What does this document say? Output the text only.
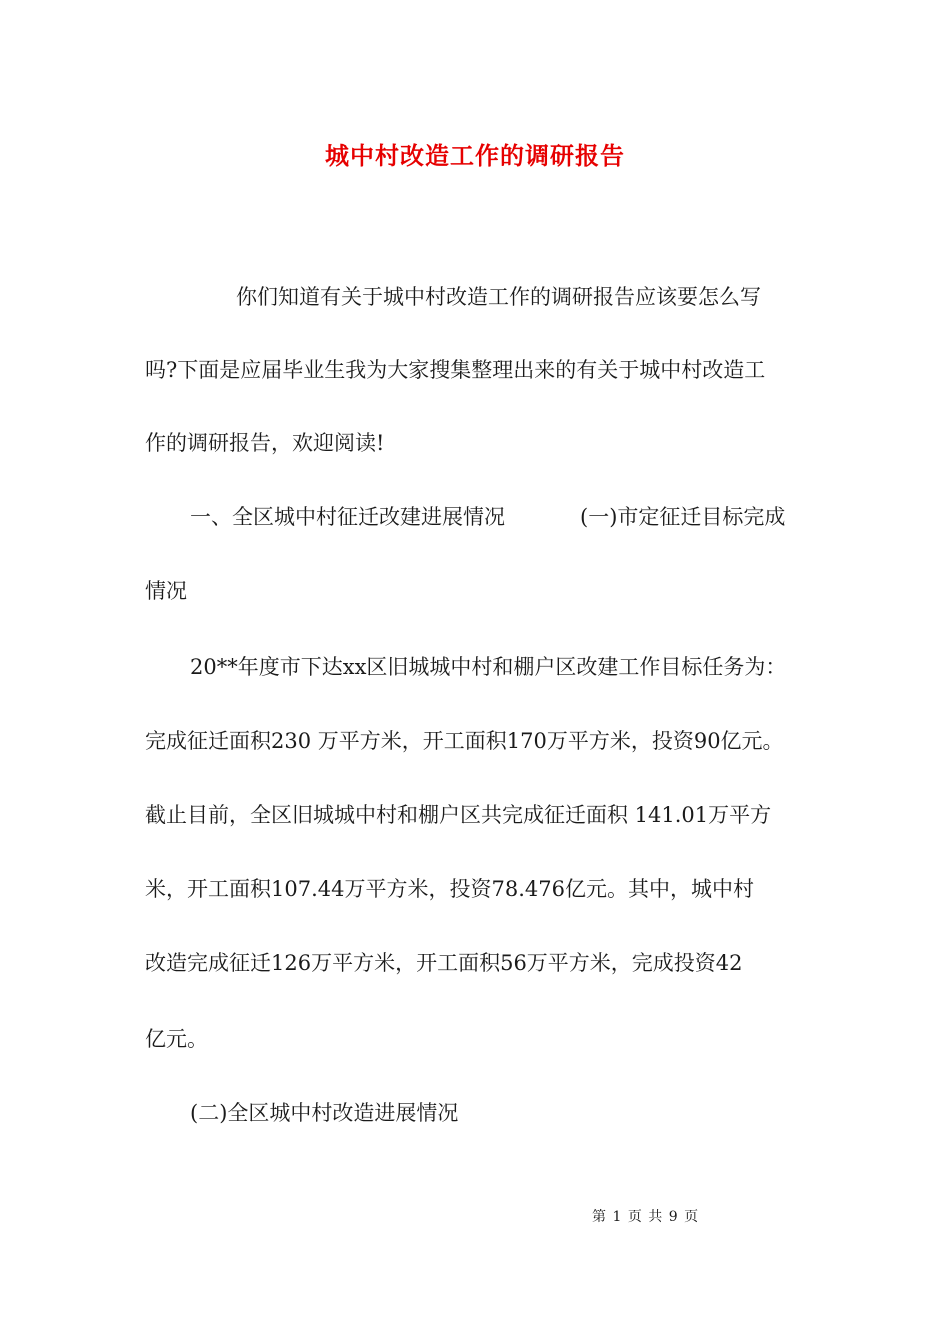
城中村改造工作的调研报告

你们知道有关于城中村改造工作的调研报告应该要怎么写

吗?下面是应届毕业生我为大家搜集整理出来的有关于城中村改造工

作的调研报告，欢迎阅读!

一、全区城中村征迁改建进展情况	(一)市定征迁目标完成

情况

20**年度市下达xx区旧城城中村和棚户区改建工作目标任务为：

完成征迁面积230 万平方米，开工面积170万平方米，投资90亿元。

截止目前，全区旧城城中村和棚户区共完成征迁面积 141.01万平方

米，开工面积107.44万平方米，投资78.476亿元。其中，城中村

改造完成征迁126万平方米，开工面积56万平方米，完成投资42

亿元。

(二)全区城中村改造进展情况

第 1 页 共 9 页
